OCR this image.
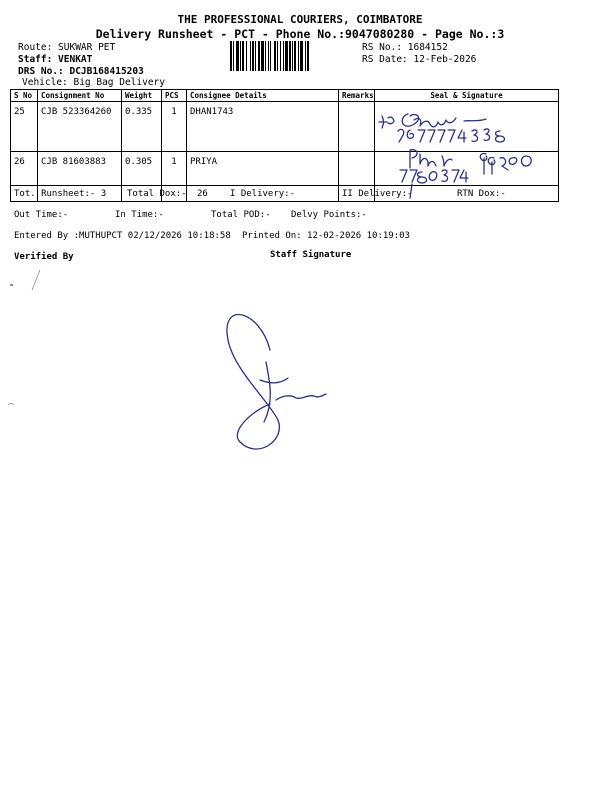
THE PROFESSIONAL COURIERS, COIMBATORE
Delivery Runsheet - PCT - Phone No.:9047080280 - Page No.:3
Route: SUKWAR PET
Staff: VENKAT
DRS No.: DCJB168415203
Vehicle: Big Bag Delivery
RS No.: 1684152
RS Date: 12-Feb-2026
S No	Consignment No	Weight	PCS	Consignee Details	Remarks	Seal & Signature
25	CJB 523364260	0.335	1	DHAN1743		
26	CJB 81603883	0.305	1	PRIYA		
Tot. Runsheet:- 3 Total Dox:- 26 I Delivery:-	II Delivery:-	RTN Dox:-
Out Time:-	In Time:-	Total POD:- Delvy Points:-
Entered By :MUTHUPCT 02/12/2026 10:18:58 Printed On: 12-02-2026 10:19:03
Verified By	Staff Signature
